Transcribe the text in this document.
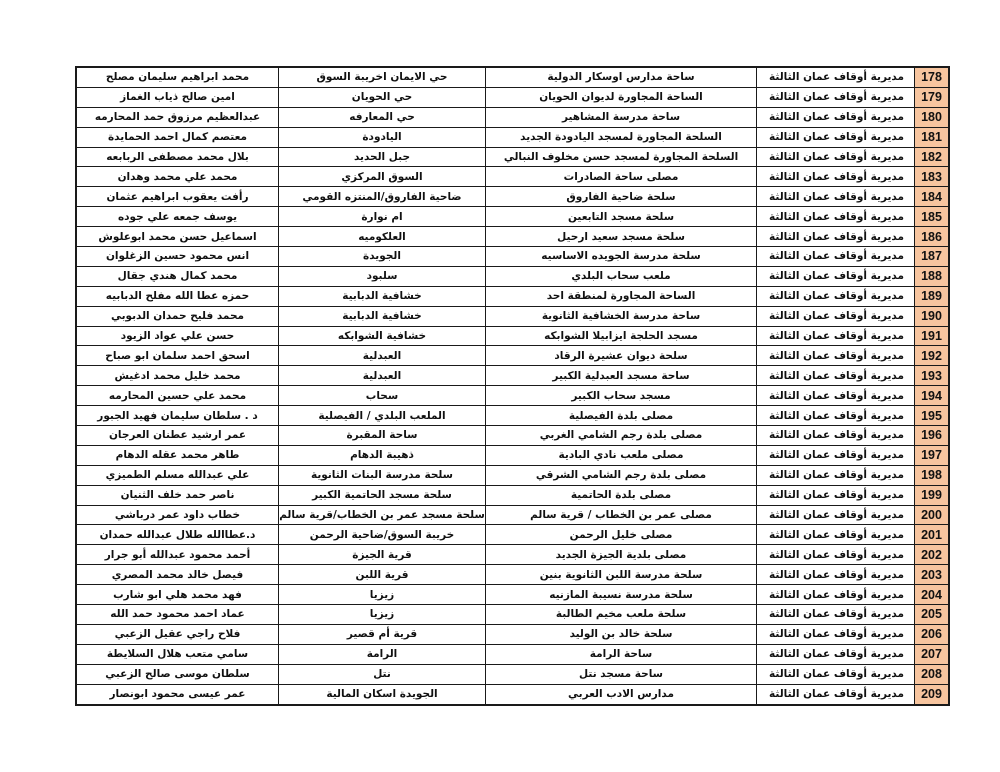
178	مديرية أوقاف عمان الثالثة	ساحة مدارس اوسكار الدولية	حي الايمان اخريبة السوق	محمد ابراهيم سليمان مصلح
179	مديرية أوقاف عمان الثالثة	الساحة المجاورة لديوان الحويان	حي الحويان	امين صالح ذياب الغماز
180	مديرية أوقاف عمان الثالثة	ساحة مدرسة المشاهير	حي المعارفه	عبدالعظيم مرزوق حمد المحارمه
181	مديرية أوقاف عمان الثالثة	السلحة المجاورة لمسجد اليادودة الجديد	اليادودة	معتصم كمال احمد الحمايدة
182	مديرية أوقاف عمان الثالثة	السلحة المجاورة لمسجد حسن مخلوف النبالي	جبل الحديد	بلال محمد مصطفى الربابعه
183	مديرية أوقاف عمان الثالثة	مصلى ساحة الصادرات	السوق المركزي	محمد علي محمد وهدان
184	مديرية أوقاف عمان الثالثة	سلحة ضاحية الفاروق	ضاحية الفاروق/المنتزه القومي	رأفت يعقوب ابراهيم عثمان
185	مديرية أوقاف عمان الثالثة	سلحة مسجد التابعين	ام نوارة	يوسف جمعه علي جوده
186	مديرية أوقاف عمان الثالثة	سلحة مسجد سعيد ارحيل	العلكوميه	اسماعيل حسن محمد ابوعلوش
187	مديرية أوقاف عمان الثالثة	سلحة مدرسة الجويده الاساسيه	الجويدة	انس محمود حسين الزغلوان
188	مديرية أوقاف عمان الثالثة	ملعب سحاب البلدي	سلبود	محمد كمال هندي جقال
189	مديرية أوقاف عمان الثالثة	الساحة المجاورة لمنطقة احد	خشافية الدبابية	حمزه عطا الله مفلح الدبابيه
190	مديرية أوقاف عمان الثالثة	ساحة مدرسة الخشافية الثانوية	خشافية الدبابية	محمد فليح حمدان الدبوبي
191	مديرية أوقاف عمان الثالثة	مسجد الحلجة ايزابيلا الشوابكه	خشافية الشوابكه	حسن علي عواد الزيود
192	مديرية أوقاف عمان الثالثة	سلحة ديوان عشيرة الرقاد	العبدلية	اسحق احمد سلمان ابو صباح
193	مديرية أوقاف عمان الثالثة	ساحة مسجد العبدلية الكبير	العبدلية	محمد خليل محمد ادغيش
194	مديرية أوقاف عمان الثالثة	مسجد سحاب الكبير	سحاب	محمد علي حسين المحارمه
195	مديرية أوقاف عمان الثالثة	مصلى بلدة الفيصلية	الملعب البلدي / الفيصلية	د . سلطان سليمان فهيد الجبور
196	مديرية أوقاف عمان الثالثة	مصلى بلدة رجم الشامي الغربي	ساحة المقبرة	عمر ارشيد عطنان العرجان
197	مديرية أوقاف عمان الثالثة	مصلى ملعب نادي البادية	ذهيبة الدهام	طاهر محمد عقله الدهام
198	مديرية أوقاف عمان الثالثة	مصلى بلدة رجم الشامي الشرقي	سلحة مدرسة البنات الثانوية	علي عبدالله مسلم الطميزي
199	مديرية أوقاف عمان الثالثة	مصلى بلدة الحاتمية	سلحة مسجد الحاتمية الكبير	ناصر حمد خلف الثنيان
200	مديرية أوقاف عمان الثالثة	مصلى عمر بن الخطاب / قرية سالم	سلحة مسجد عمر بن الخطاب/قرية سالم	خطاب داود عمر درباشي
201	مديرية أوقاف عمان الثالثة	مصلى خليل الرحمن	خريبة السوق/ضاحية الرحمن	د.عطاالله طلال عبدالله حمدان
202	مديرية أوقاف عمان الثالثة	مصلى بلدية الجيزة الجديد	قرية الجيزة	أحمد محمود عبدالله أبو جرار
203	مديرية أوقاف عمان الثالثة	سلحة مدرسة اللبن الثانوية بنين	قرية اللبن	فيصل خالد محمد المصري
204	مديرية أوقاف عمان الثالثة	سلحة مدرسة نسيبة المازنيه	زيزيا	فهد محمد هلي ابو شارب
205	مديرية أوقاف عمان الثالثة	سلحة ملعب مخيم الطالبة	زيزيا	عماد احمد محمود حمد الله
206	مديرية أوقاف عمان الثالثة	سلحة خالد بن الوليد	قرية أم قصير	فلاح راجي عقيل الزعبي
207	مديرية أوقاف عمان الثالثة	ساحة الرامة	الرامة	سامي متعب هلال السلايطة
208	مديرية أوقاف عمان الثالثة	ساحة مسجد نتل	نتل	سلطان موسى صالح الزعبي
209	مديرية أوقاف عمان الثالثة	مدارس الادب العربي	الجويدة اسكان المالية	عمر عيسى محمود ابونصار
